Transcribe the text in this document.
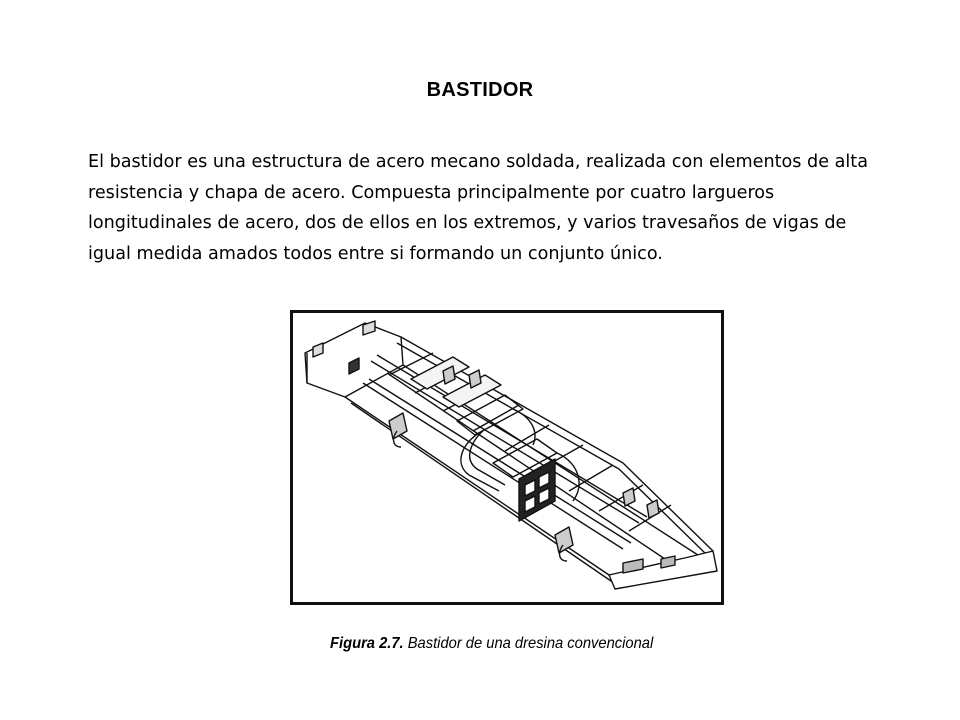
BASTIDOR

El bastidor es una estructura de acero mecano soldada, realizada con elementos de alta resistencia y chapa de acero. Compuesta principalmente por cuatro largueros longitudinales de acero, dos de ellos en los extremos, y varios travesaños de vigas de igual medida amados todos entre si formando un conjunto único.

Figura 2.7. Bastidor de una dresina convencional
